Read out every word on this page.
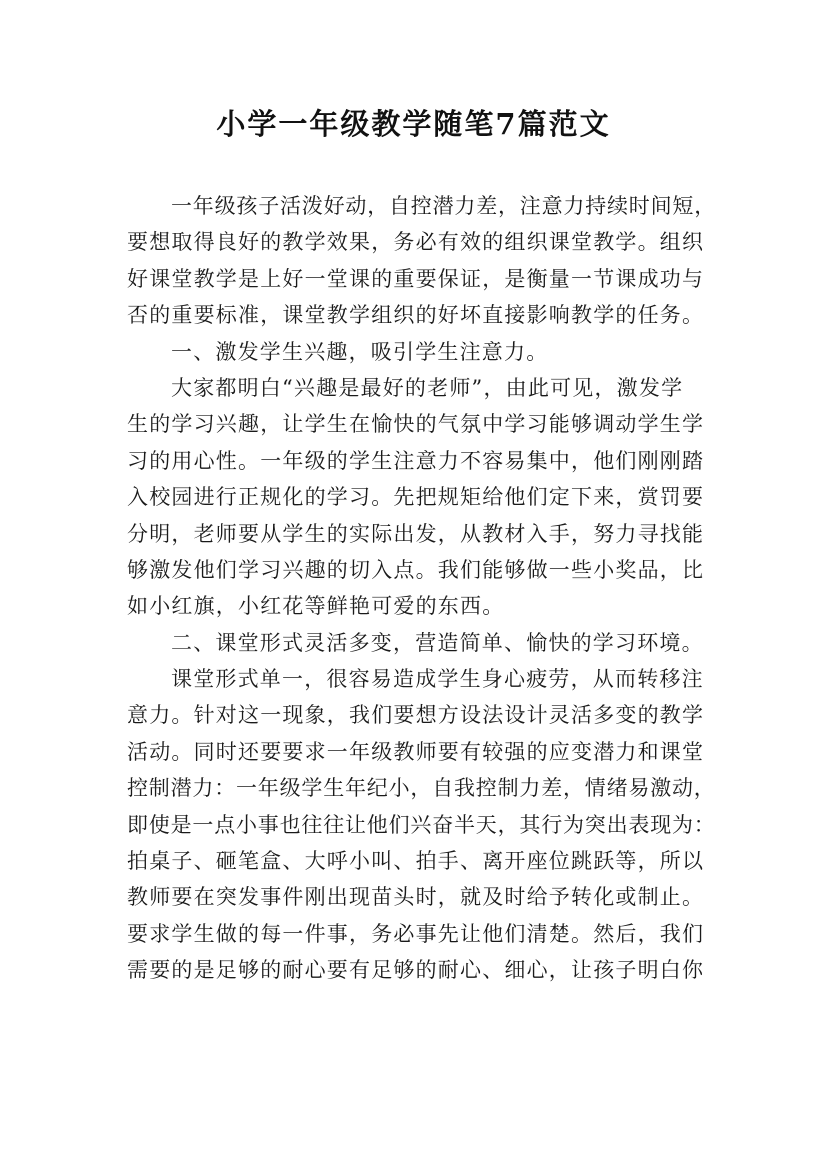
小学一年级教学随笔7篇范文
一年级孩子活泼好动，自控潜力差，注意力持续时间短，
要想取得良好的教学效果，务必有效的组织课堂教学。组织
好课堂教学是上好一堂课的重要保证，是衡量一节课成功与
否的重要标准，课堂教学组织的好坏直接影响教学的任务。
一、激发学生兴趣，吸引学生注意力。
大家都明白“兴趣是最好的老师”，由此可见，激发学
生的学习兴趣，让学生在愉快的气氛中学习能够调动学生学
习的用心性。一年级的学生注意力不容易集中，他们刚刚踏
入校园进行正规化的学习。先把规矩给他们定下来，赏罚要
分明，老师要从学生的实际出发，从教材入手，努力寻找能
够激发他们学习兴趣的切入点。我们能够做一些小奖品，比
如小红旗，小红花等鲜艳可爱的东西。
二、课堂形式灵活多变，营造简单、愉快的学习环境。
课堂形式单一，很容易造成学生身心疲劳，从而转移注
意力。针对这一现象，我们要想方设法设计灵活多变的教学
活动。同时还要要求一年级教师要有较强的应变潜力和课堂
控制潜力：一年级学生年纪小，自我控制力差，情绪易激动，
即使是一点小事也往往让他们兴奋半天，其行为突出表现为：
拍桌子、砸笔盒、大呼小叫、拍手、离开座位跳跃等，所以
教师要在突发事件刚出现苗头时，就及时给予转化或制止。
要求学生做的每一件事，务必事先让他们清楚。然后，我们
需要的是足够的耐心要有足够的耐心、细心，让孩子明白你
